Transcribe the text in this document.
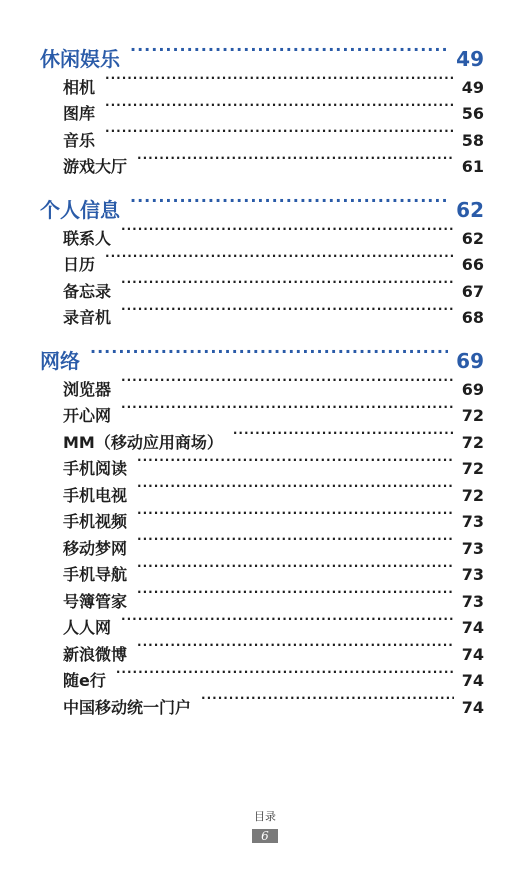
休闲娱乐 .....	49
相机 .....	49
图库 .....	56
音乐 .....	58
游戏大厅 .....	61
个人信息 .....	62
联系人 .....	62
日历 .....	66
备忘录 .....	67
录音机 .....	68
网络 .....	69
浏览器 .....	69
开心网 .....	72
MM（移动应用商场） .....	72
手机阅读 .....	72
手机电视 .....	72
手机视频 .....	73
移动梦网 .....	73
手机导航 .....	73
号簿管家 .....	73
人人网 .....	74
新浪微博 .....	74
随e行 .....	74
中国移动统一门户 .....	74
目录
6
